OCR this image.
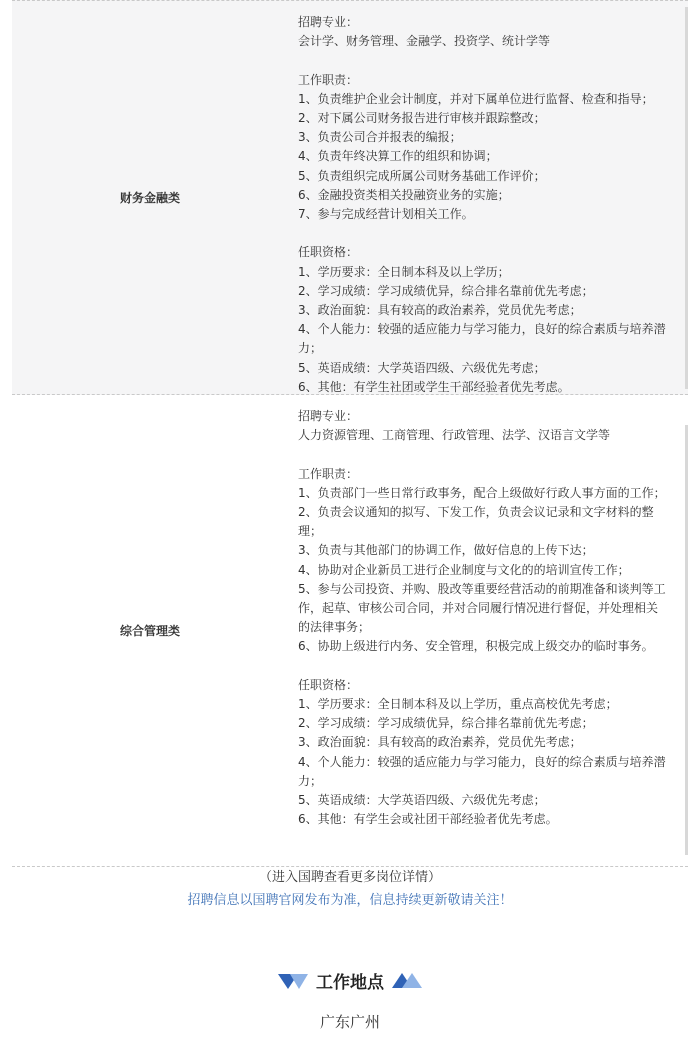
财务金融类
招聘专业：
会计学、财务管理、金融学、投资学、统计学等
工作职责：
1、负责维护企业会计制度，并对下属单位进行监督、检查和指导；
2、对下属公司财务报告进行审核并跟踪整改；
3、负责公司合并报表的编报；
4、负责年终决算工作的组织和协调；
5、负责组织完成所属公司财务基础工作评价；
6、金融投资类相关投融资业务的实施；
7、参与完成经营计划相关工作。
任职资格：
1、学历要求：全日制本科及以上学历；
2、学习成绩：学习成绩优异，综合排名靠前优先考虑；
3、政治面貌：具有较高的政治素养，党员优先考虑；
4、个人能力：较强的适应能力与学习能力，良好的综合素质与培养潜
力；
5、英语成绩：大学英语四级、六级优先考虑；
6、其他：有学生社团或学生干部经验者优先考虑。
综合管理类
招聘专业：
人力资源管理、工商管理、行政管理、法学、汉语言文学等
工作职责：
1、负责部门一些日常行政事务，配合上级做好行政人事方面的工作；
2、负责会议通知的拟写、下发工作，负责会议记录和文字材料的整
理；
3、负责与其他部门的协调工作，做好信息的上传下达；
4、协助对企业新员工进行企业制度与文化的的培训宣传工作；
5、参与公司投资、并购、股改等重要经营活动的前期准备和谈判等工
作，起草、审核公司合同，并对合同履行情况进行督促，并处理相关
的法律事务；
6、协助上级进行内务、安全管理，积极完成上级交办的临时事务。
任职资格：
1、学历要求：全日制本科及以上学历，重点高校优先考虑；
2、学习成绩：学习成绩优异，综合排名靠前优先考虑；
3、政治面貌：具有较高的政治素养，党员优先考虑；
4、个人能力：较强的适应能力与学习能力，良好的综合素质与培养潜
力；
5、英语成绩：大学英语四级、六级优先考虑；
6、其他：有学生会或社团干部经验者优先考虑。
（进入国聘查看更多岗位详情）
招聘信息以国聘官网发布为准，信息持续更新敬请关注！
工作地点
广东广州
